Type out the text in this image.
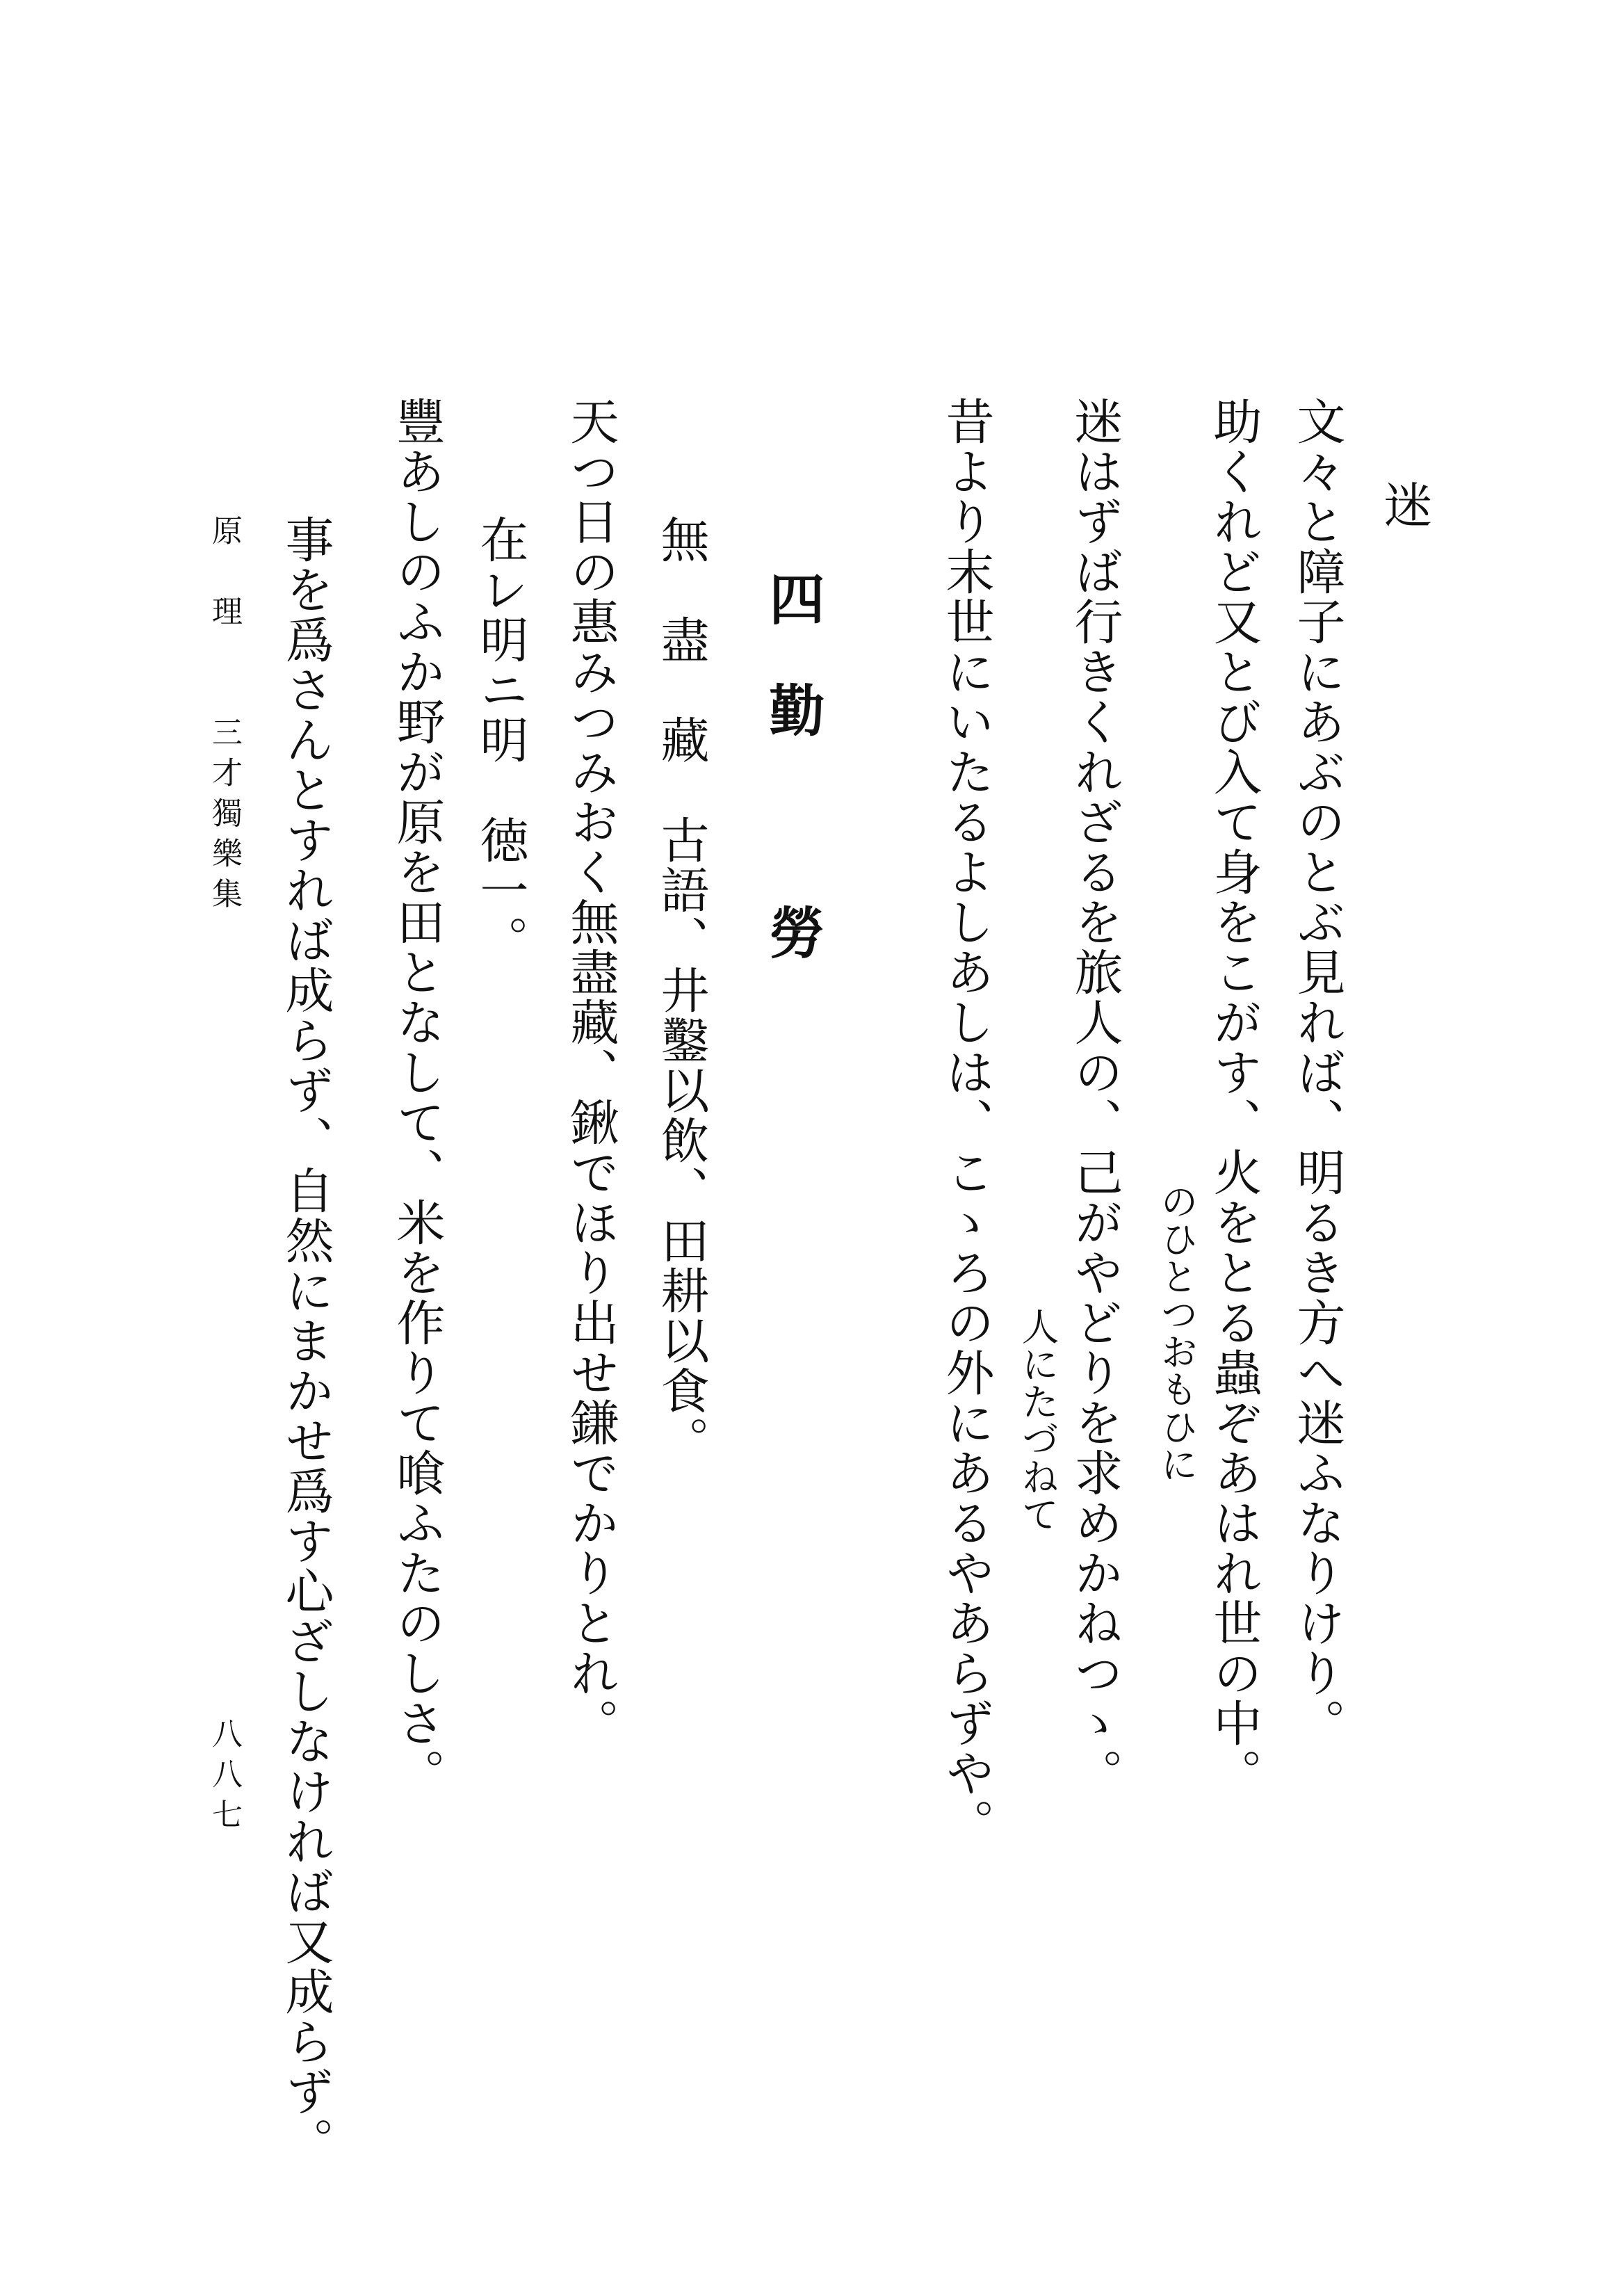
迷
文々と障子にあぶのとぶ見れば、明るき方へ迷ふなりけり。
助くれど又とび入て身をこがす、火をとる蟲ぞあはれ世の中。
のひとつおもひに
迷はずば行きくれざるを旅人の、己がやどりを求めかねつゝ。
人にたづねて
昔より末世にいたるよしあしは、こゝろの外にあるやあらずや。
四　勤　　　勞
無　盡　藏　古語、井鑿以飲、田耕以食。
天つ日の惠みつみおく無盡藏、鍬でほり出せ鎌でかりとれ。
在レ明ニ明　徳一。
豐あしのふか野が原を田となして、米を作りて喰ふたのしさ。
事を爲さんとすれば成らず、自然にまかせ爲す心ざしなければ又成らず。
原　理　　三才獨樂集
八八七
